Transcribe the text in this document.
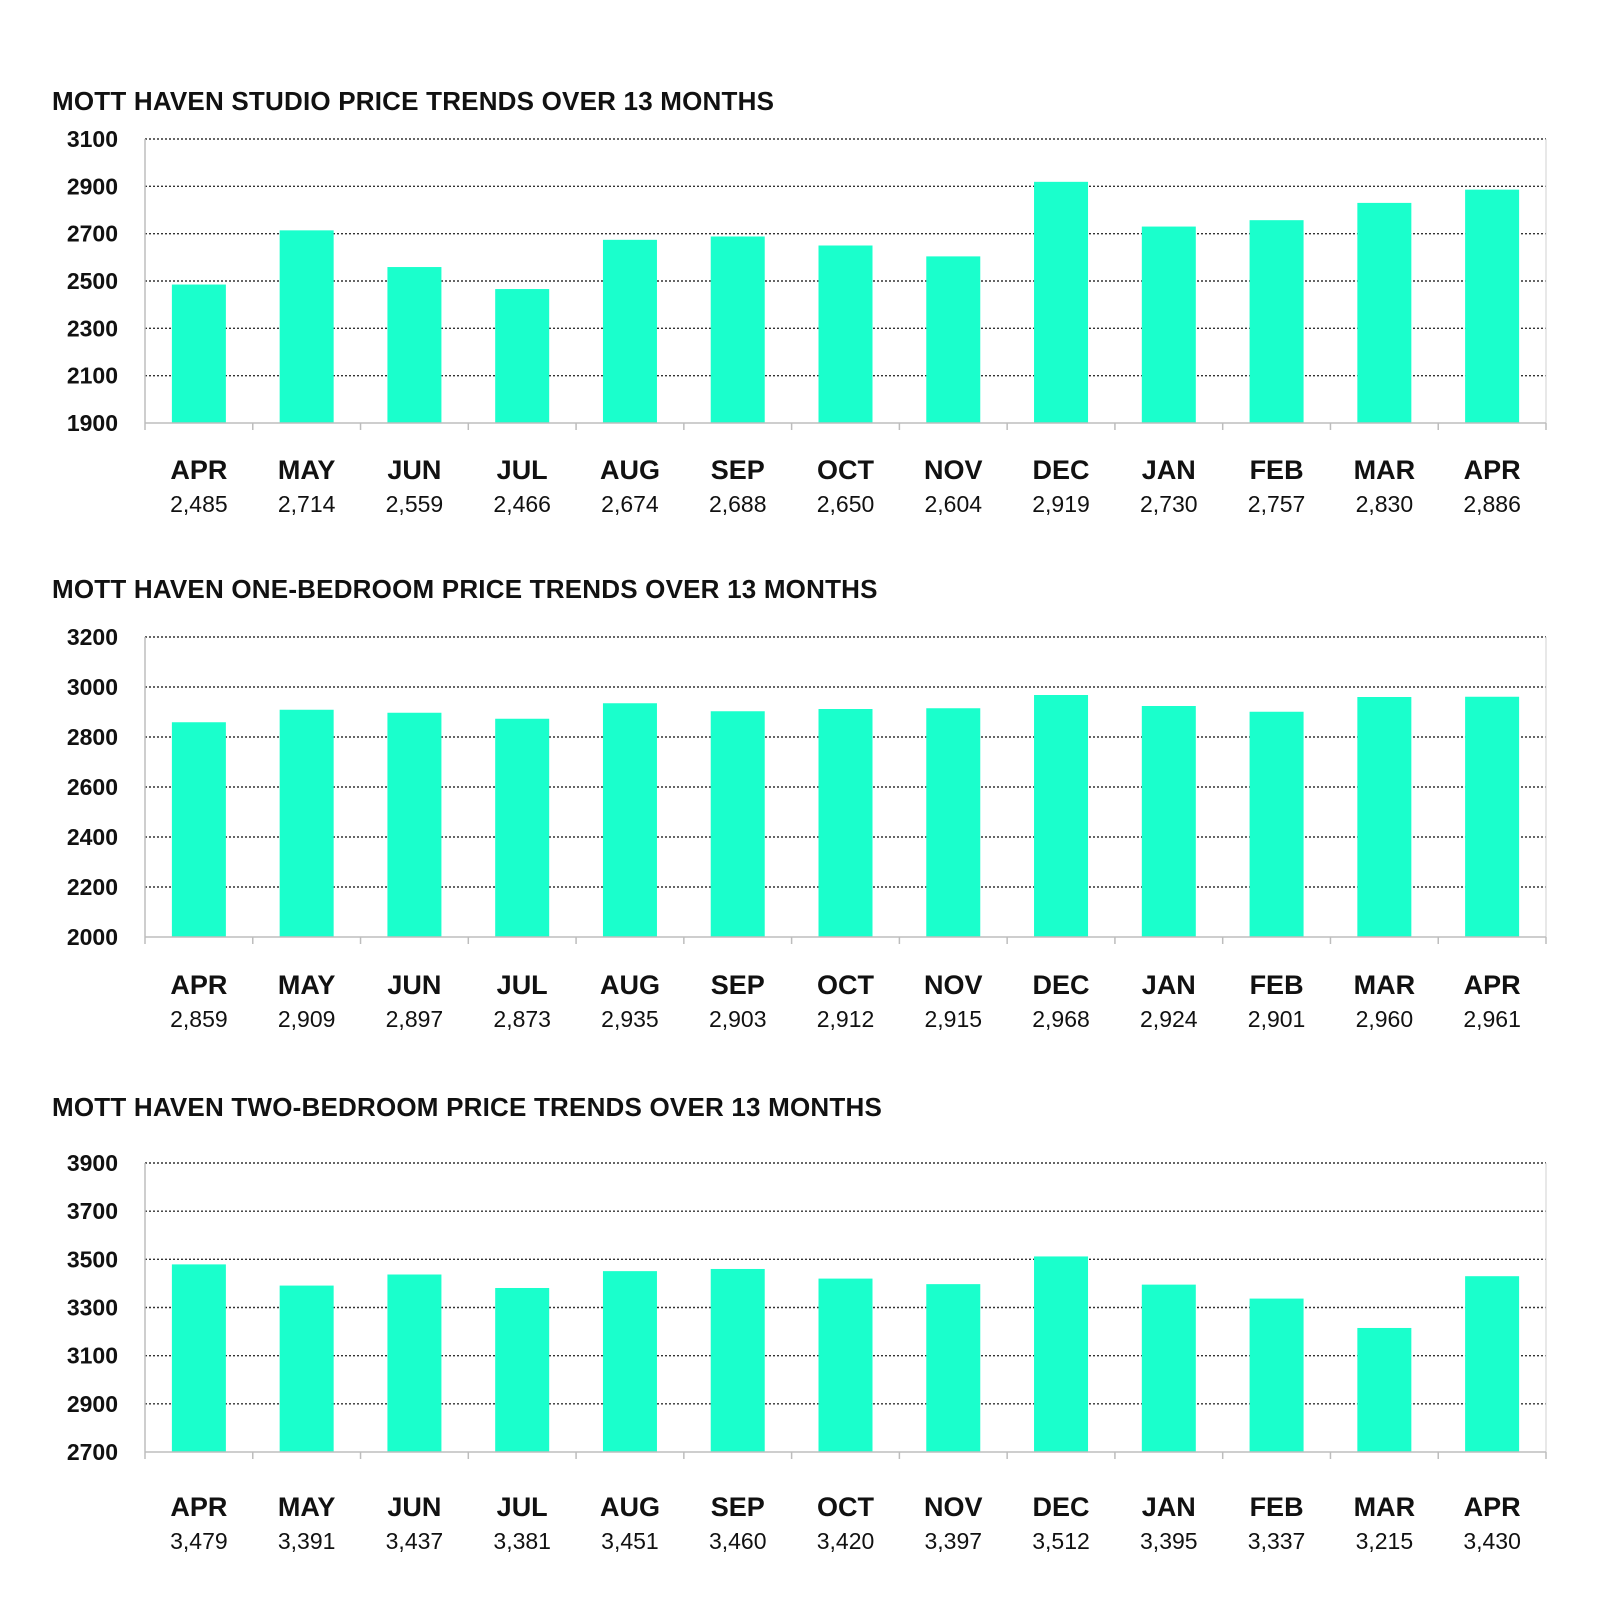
MOTT HAVEN STUDIO PRICE TRENDS OVER 13 MONTHS
1900
2100
2300
2500
2700
2900
3100
APR
2,485
MAY
2,714
JUN
2,559
JUL
2,466
AUG
2,674
SEP
2,688
OCT
2,650
NOV
2,604
DEC
2,919
JAN
2,730
FEB
2,757
MAR
2,830
APR
2,886
MOTT HAVEN ONE-BEDROOM PRICE TRENDS OVER 13 MONTHS
2000
2200
2400
2600
2800
3000
3200
APR
2,859
MAY
2,909
JUN
2,897
JUL
2,873
AUG
2,935
SEP
2,903
OCT
2,912
NOV
2,915
DEC
2,968
JAN
2,924
FEB
2,901
MAR
2,960
APR
2,961
MOTT HAVEN TWO-BEDROOM PRICE TRENDS OVER 13 MONTHS
2700
2900
3100
3300
3500
3700
3900
APR
3,479
MAY
3,391
JUN
3,437
JUL
3,381
AUG
3,451
SEP
3,460
OCT
3,420
NOV
3,397
DEC
3,512
JAN
3,395
FEB
3,337
MAR
3,215
APR
3,430
